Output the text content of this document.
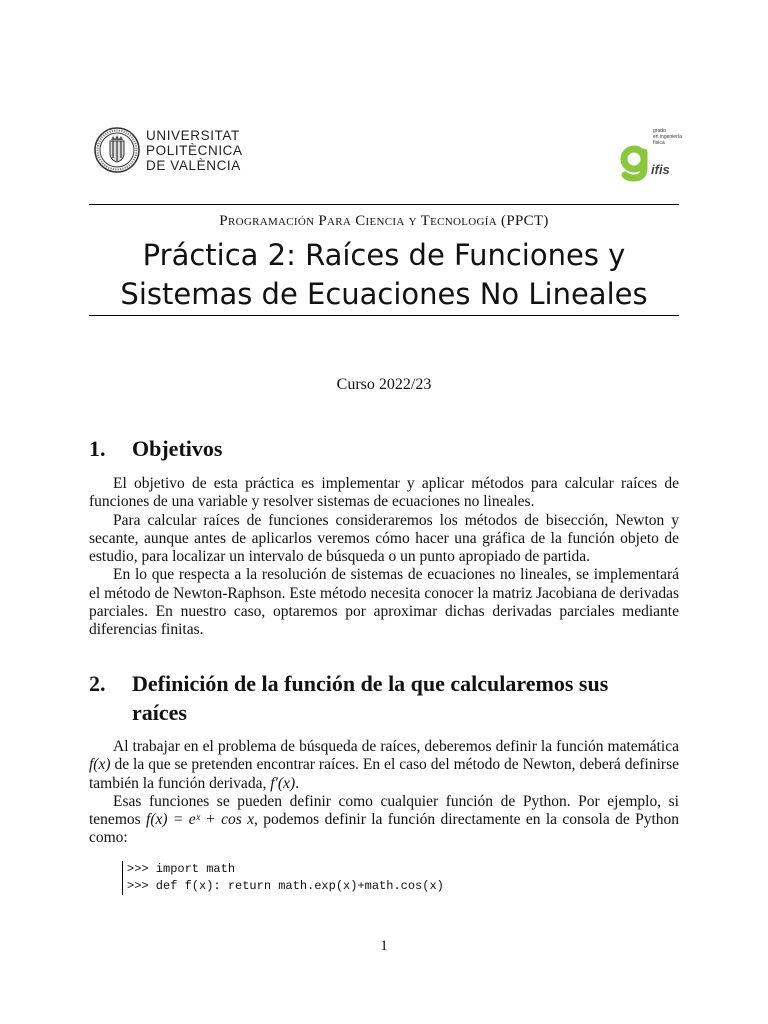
UNIVERSITAT
POLITÈCNICA
DE VALÈNCIA
grado
en ingeniería
física
ifis
Programación Para Ciencia y Tecnología (PPCT)
Práctica 2: Raíces de Funciones y
Sistemas de Ecuaciones No Lineales
Curso 2022/23
1. Objetivos

El objetivo de esta práctica es implementar y aplicar métodos para calcular raíces de funciones de una variable y resolver sistemas de ecuaciones no lineales.

Para calcular raíces de funciones consideraremos los métodos de bisección, Newton y secante, aunque antes de aplicarlos veremos cómo hacer una gráfica de la función objeto de estudio, para localizar un intervalo de búsqueda o un punto apropiado de partida.

En lo que respecta a la resolución de sistemas de ecuaciones no lineales, se implementará el método de Newton-Raphson. Este método necesita conocer la matriz Jacobiana de derivadas parciales. En nuestro caso, optaremos por aproximar dichas derivadas parciales mediante diferencias finitas.

2. Definición de la función de la que calcularemos sus
raíces

Al trabajar en el problema de búsqueda de raíces, deberemos definir la función matemática f(x) de la que se pretenden encontrar raíces. En el caso del método de Newton, deberá definirse también la función derivada, f′(x).

Esas funciones se pueden definir como cualquier función de Python. Por ejemplo, si tenemos f(x) = eˣ + cos x, podemos definir la función directamente en la consola de Python como:

>>> import math
>>> def f(x): return math.exp(x)+math.cos(x)
1
